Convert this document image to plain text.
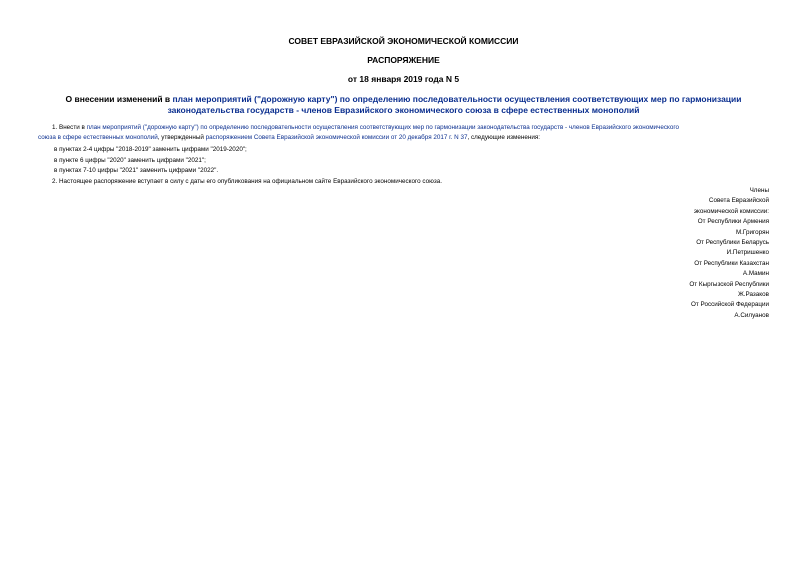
СОВЕТ ЕВРАЗИЙСКОЙ ЭКОНОМИЧЕСКОЙ КОМИССИИ
РАСПОРЯЖЕНИЕ
от 18 января 2019 года N 5
О внесении изменений в план мероприятий ("дорожную карту") по определению последовательности осуществления соответствующих мер по гармонизации законодательства государств - членов Евразийского экономического союза в сфере естественных монополий
1. Внести в план мероприятий ("дорожную карту") по определению последовательности осуществления соответствующих мер по гармонизации законодательства государств - членов Евразийского экономического
союза в сфере естественных монополий, утвержденный распоряжением Совета Евразийской экономической комиссии от 20 декабря 2017 г. N 37, следующие изменения:
в пунктах 2-4 цифры "2018-2019" заменить цифрами "2019-2020";
в пункте 6 цифры "2020" заменить цифрами "2021";
в пунктах 7-10 цифры "2021" заменить цифрами "2022".
2. Настоящее распоряжение вступает в силу с даты его опубликования на официальном сайте Евразийского экономического союза.
Члены
Совета Евразийской
экономической комиссии:
От Республики Армения
М.Григорян
От Республики Беларусь
И.Петришенко
От Республики Казахстан
А.Мамин
От Кыргызской Республики
Ж.Разаков
От Российской Федерации
А.Силуанов
